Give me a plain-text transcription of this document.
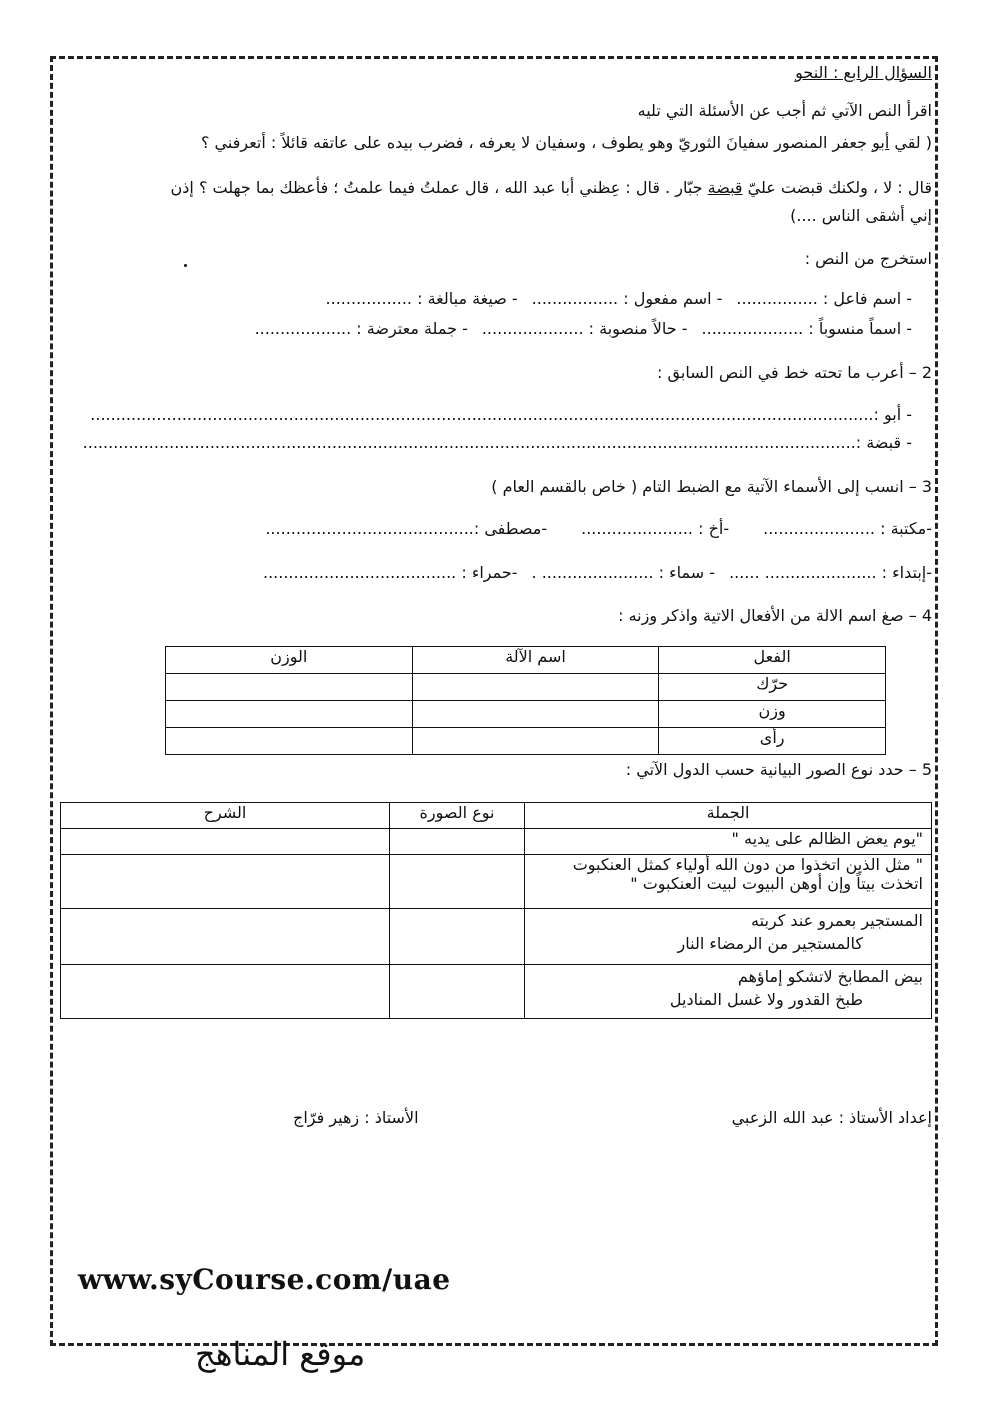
السؤال الرابع : النحو
اقرأ النص الآتي ثم أجب عن الأسئلة التي تليه
( لقي أبو جعفر المنصور سفيانَ الثوريّ وهو يطوف ، وسفيان لا يعرفه ، فضرب بيده على عاتقه قائلاً : أتعرفني ؟
قال : لا ، ولكنك قبضت عليّ قبضة جبّار . قال : عِظني أبا عبد الله ، قال عملتُ فيما علمتُ ؛ فأعظك بما جهلت ؟ إذن
إني أشقى الناس ....)
استخرج من النص :
- اسم فاعل : ................
- اسم مفعول : .................
- صيغة مبالغة : .................
- اسماً منسوباً : ....................
- حالاً منصوبة : ....................
- جملة معترضة : ...................
2 – أعرب ما تحته خط في النص السابق :
- أبو :..........................................................................................................................................................
- قبضة :........................................................................................................................................................
3 – انسب إلى الأسماء الآتية مع الضبط التام ( خاص بالقسم العام )
-مكتبة : ......................
-أخ : ......................
-مصطفى :.........................................
-إبتداء : ...................... ......
- سماء : ...................... .
-حمراء : ......................................
4 – صغ اسم الالة من الأفعال الاتية واذكر وزنه :
الفعل	اسم الآلة	الوزن
حرّك		
وزن		
رأى		
5 – حدد نوع الصور البيانية حسب الدول الآتي :
الجملة	نوع الصورة	الشرح

"يوم يعض الظالم على يديه "		

" مثل الذين اتخذوا من دون الله أولياء كمثل العنكبوت
اتخذت بيتاً وإن أوهن البيوت لبيت العنكبوت "		

المستجير بعمرو عند كربته
كالمستجير من الرمضاء النار		

بيض المطابخ لاتشكو إماؤهم
طبخ القدور ولا غسل المناديل		

إعداد الأستاذ : عبد الله الزعبي
الأستاذ : زهير فرّاج
www.syCourse.com/uae
موقع المناهج
